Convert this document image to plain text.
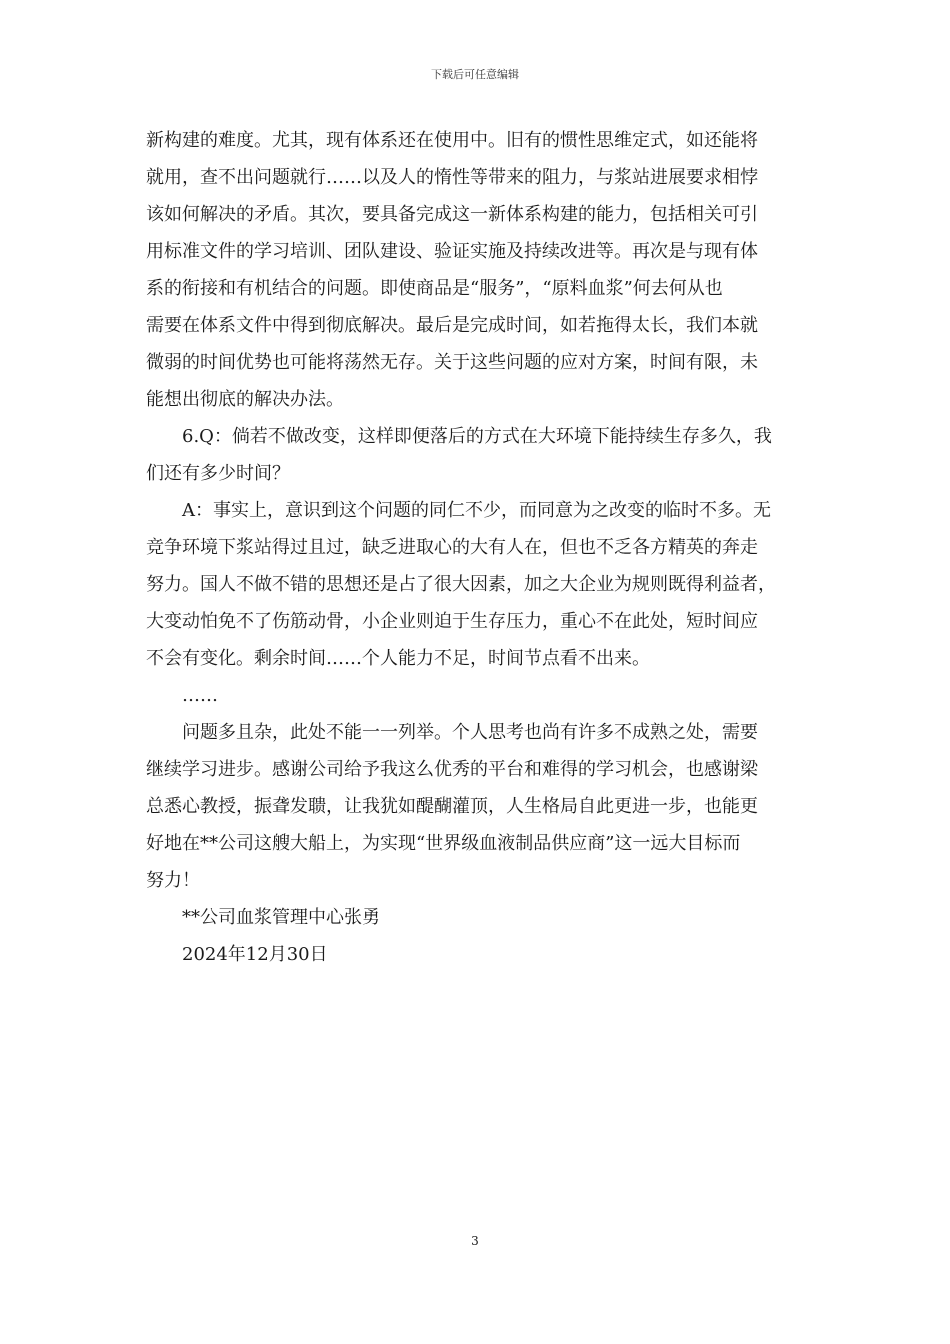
下载后可任意编辑
新构建的难度。尤其，现有体系还在使用中。旧有的惯性思维定式，如还能将
就用，查不出问题就行……以及人的惰性等带来的阻力，与浆站进展要求相悖
该如何解决的矛盾。其次，要具备完成这一新体系构建的能力，包括相关可引
用标准文件的学习培训、团队建设、验证实施及持续改进等。再次是与现有体
系的衔接和有机结合的问题。即使商品是“服务”，“原料血浆”何去何从也
需要在体系文件中得到彻底解决。最后是完成时间，如若拖得太长，我们本就
微弱的时间优势也可能将荡然无存。关于这些问题的应对方案，时间有限，未
能想出彻底的解决办法。
6.Q：倘若不做改变，这样即便落后的方式在大环境下能持续生存多久，我
们还有多少时间？
A：事实上，意识到这个问题的同仁不少，而同意为之改变的临时不多。无
竞争环境下浆站得过且过，缺乏进取心的大有人在，但也不乏各方精英的奔走
努力。国人不做不错的思想还是占了很大因素，加之大企业为规则既得利益者，
大变动怕免不了伤筋动骨，小企业则迫于生存压力，重心不在此处，短时间应
不会有变化。剩余时间……个人能力不足，时间节点看不出来。
……
问题多且杂，此处不能一一列举。个人思考也尚有许多不成熟之处，需要
继续学习进步。感谢公司给予我这么优秀的平台和难得的学习机会，也感谢梁
总悉心教授，振聋发聩，让我犹如醍醐灌顶，人生格局自此更进一步，也能更
好地在**公司这艘大船上，为实现“世界级血液制品供应商”这一远大目标而
努力！
**公司血浆管理中心张勇
2024年12月30日
3
